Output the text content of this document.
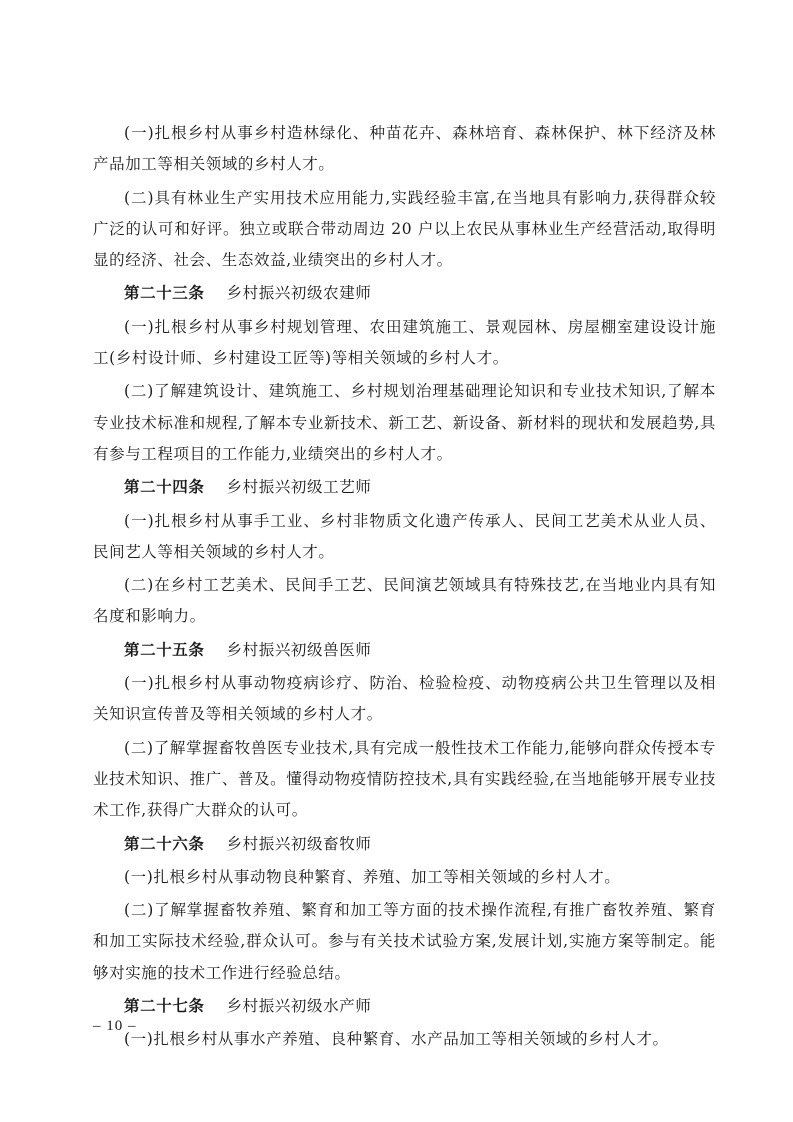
(一)扎根乡村从事乡村造林绿化、种苗花卉、森林培育、森林保护、林下经济及林产品加工等相关领域的乡村人才。

(二)具有林业生产实用技术应用能力,实践经验丰富,在当地具有影响力,获得群众较广泛的认可和好评。独立或联合带动周边 20 户以上农民从事林业生产经营活动,取得明显的经济、社会、生态效益,业绩突出的乡村人才。

第二十三条 乡村振兴初级农建师

(一)扎根乡村从事乡村规划管理、农田建筑施工、景观园林、房屋棚室建设设计施工(乡村设计师、乡村建设工匠等)等相关领域的乡村人才。

(二)了解建筑设计、建筑施工、乡村规划治理基础理论知识和专业技术知识,了解本专业技术标准和规程,了解本专业新技术、新工艺、新设备、新材料的现状和发展趋势,具有参与工程项目的工作能力,业绩突出的乡村人才。

第二十四条 乡村振兴初级工艺师

(一)扎根乡村从事手工业、乡村非物质文化遗产传承人、民间工艺美术从业人员、民间艺人等相关领域的乡村人才。

(二)在乡村工艺美术、民间手工艺、民间演艺领域具有特殊技艺,在当地业内具有知名度和影响力。

第二十五条 乡村振兴初级兽医师

(一)扎根乡村从事动物疫病诊疗、防治、检验检疫、动物疫病公共卫生管理以及相关知识宣传普及等相关领域的乡村人才。

(二)了解掌握畜牧兽医专业技术,具有完成一般性技术工作能力,能够向群众传授本专业技术知识、推广、普及。懂得动物疫情防控技术,具有实践经验,在当地能够开展专业技术工作,获得广大群众的认可。

第二十六条 乡村振兴初级畜牧师

(一)扎根乡村从事动物良种繁育、养殖、加工等相关领域的乡村人才。

(二)了解掌握畜牧养殖、繁育和加工等方面的技术操作流程,有推广畜牧养殖、繁育和加工实际技术经验,群众认可。参与有关技术试验方案,发展计划,实施方案等制定。能够对实施的技术工作进行经验总结。

第二十七条 乡村振兴初级水产师

(一)扎根乡村从事水产养殖、良种繁育、水产品加工等相关领域的乡村人才。

– 10 –
